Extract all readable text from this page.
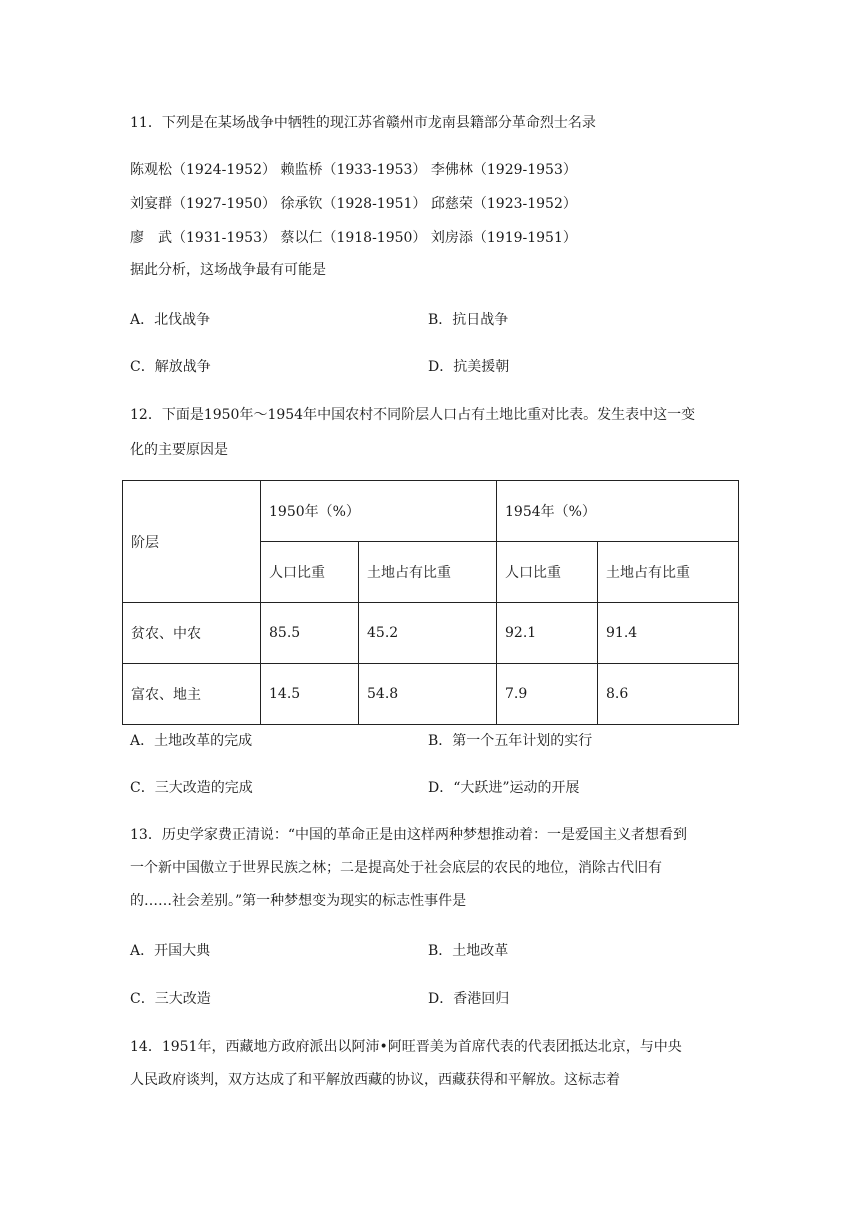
11．下列是在某场战争中牺牲的现江苏省赣州市龙南县籍部分革命烈士名录
陈观松（1924-1952） 赖监桥（1933-1953） 李佛林（1929-1953）
刘宴群（1927-1950） 徐承钦（1928-1951） 邱慈荣（1923-1952）
廖　武（1931-1953） 蔡以仁（1918-1950） 刘房添（1919-1951）
据此分析，这场战争最有可能是
A．北伐战争	B．抗日战争
C．解放战争	D．抗美援朝
12．下面是1950年～1954年中国农村不同阶层人口占有土地比重对比表。发生表中这一变
化的主要原因是
阶层	1950年（%）		1954年（%）	
	人口比重	土地占有比重	人口比重	土地占有比重
贫农、中农	85.5	45.2	92.1	91.4
富农、地主	14.5	54.8	7.9	8.6
A．土地改革的完成	B．第一个五年计划的实行
C．三大改造的完成	D．“大跃进”运动的开展
13．历史学家费正清说：“中国的革命正是由这样两种梦想推动着：一是爱国主义者想看到
一个新中国傲立于世界民族之林；二是提高处于社会底层的农民的地位，消除古代旧有
的……社会差别。”第一种梦想变为现实的标志性事件是
A．开国大典	B．土地改革
C．三大改造	D．香港回归
14．1951年，西藏地方政府派出以阿沛•阿旺晋美为首席代表的代表团抵达北京，与中央
人民政府谈判，双方达成了和平解放西藏的协议，西藏获得和平解放。这标志着
